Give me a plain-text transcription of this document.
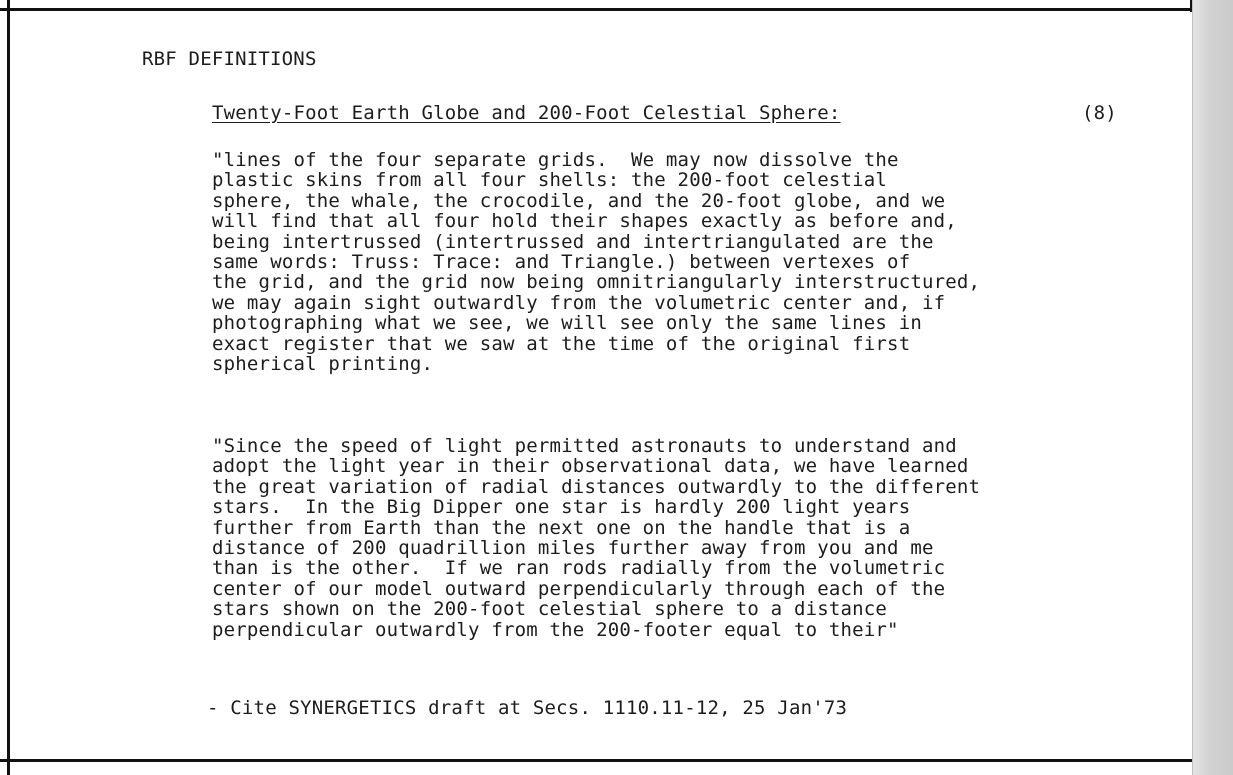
RBF DEFINITIONS
Twenty-Foot Earth Globe and 200-Foot Celestial Sphere:	(8)

"lines of the four separate grids.  We may now dissolve the
plastic skins from all four shells: the 200-foot celestial
sphere, the whale, the crocodile, and the 20-foot globe, and we
will find that all four hold their shapes exactly as before and,
being intertrussed (intertrussed and intertriangulated are the
same words: Truss: Trace: and Triangle.) between vertexes of
the grid, and the grid now being omnitriangularly interstructured,
we may again sight outwardly from the volumetric center and, if
photographing what we see, we will see only the same lines in
exact register that we saw at the time of the original first
spherical printing.

"Since the speed of light permitted astronauts to understand and
adopt the light year in their observational data, we have learned
the great variation of radial distances outwardly to the different
stars.  In the Big Dipper one star is hardly 200 light years
further from Earth than the next one on the handle that is a
distance of 200 quadrillion miles further away from you and me
than is the other.  If we ran rods radially from the volumetric
center of our model outward perpendicularly through each of the
stars shown on the 200-foot celestial sphere to a distance
perpendicular outwardly from the 200-footer equal to their"

- Cite SYNERGETICS draft at Secs. 1110.11-12, 25 Jan'73
